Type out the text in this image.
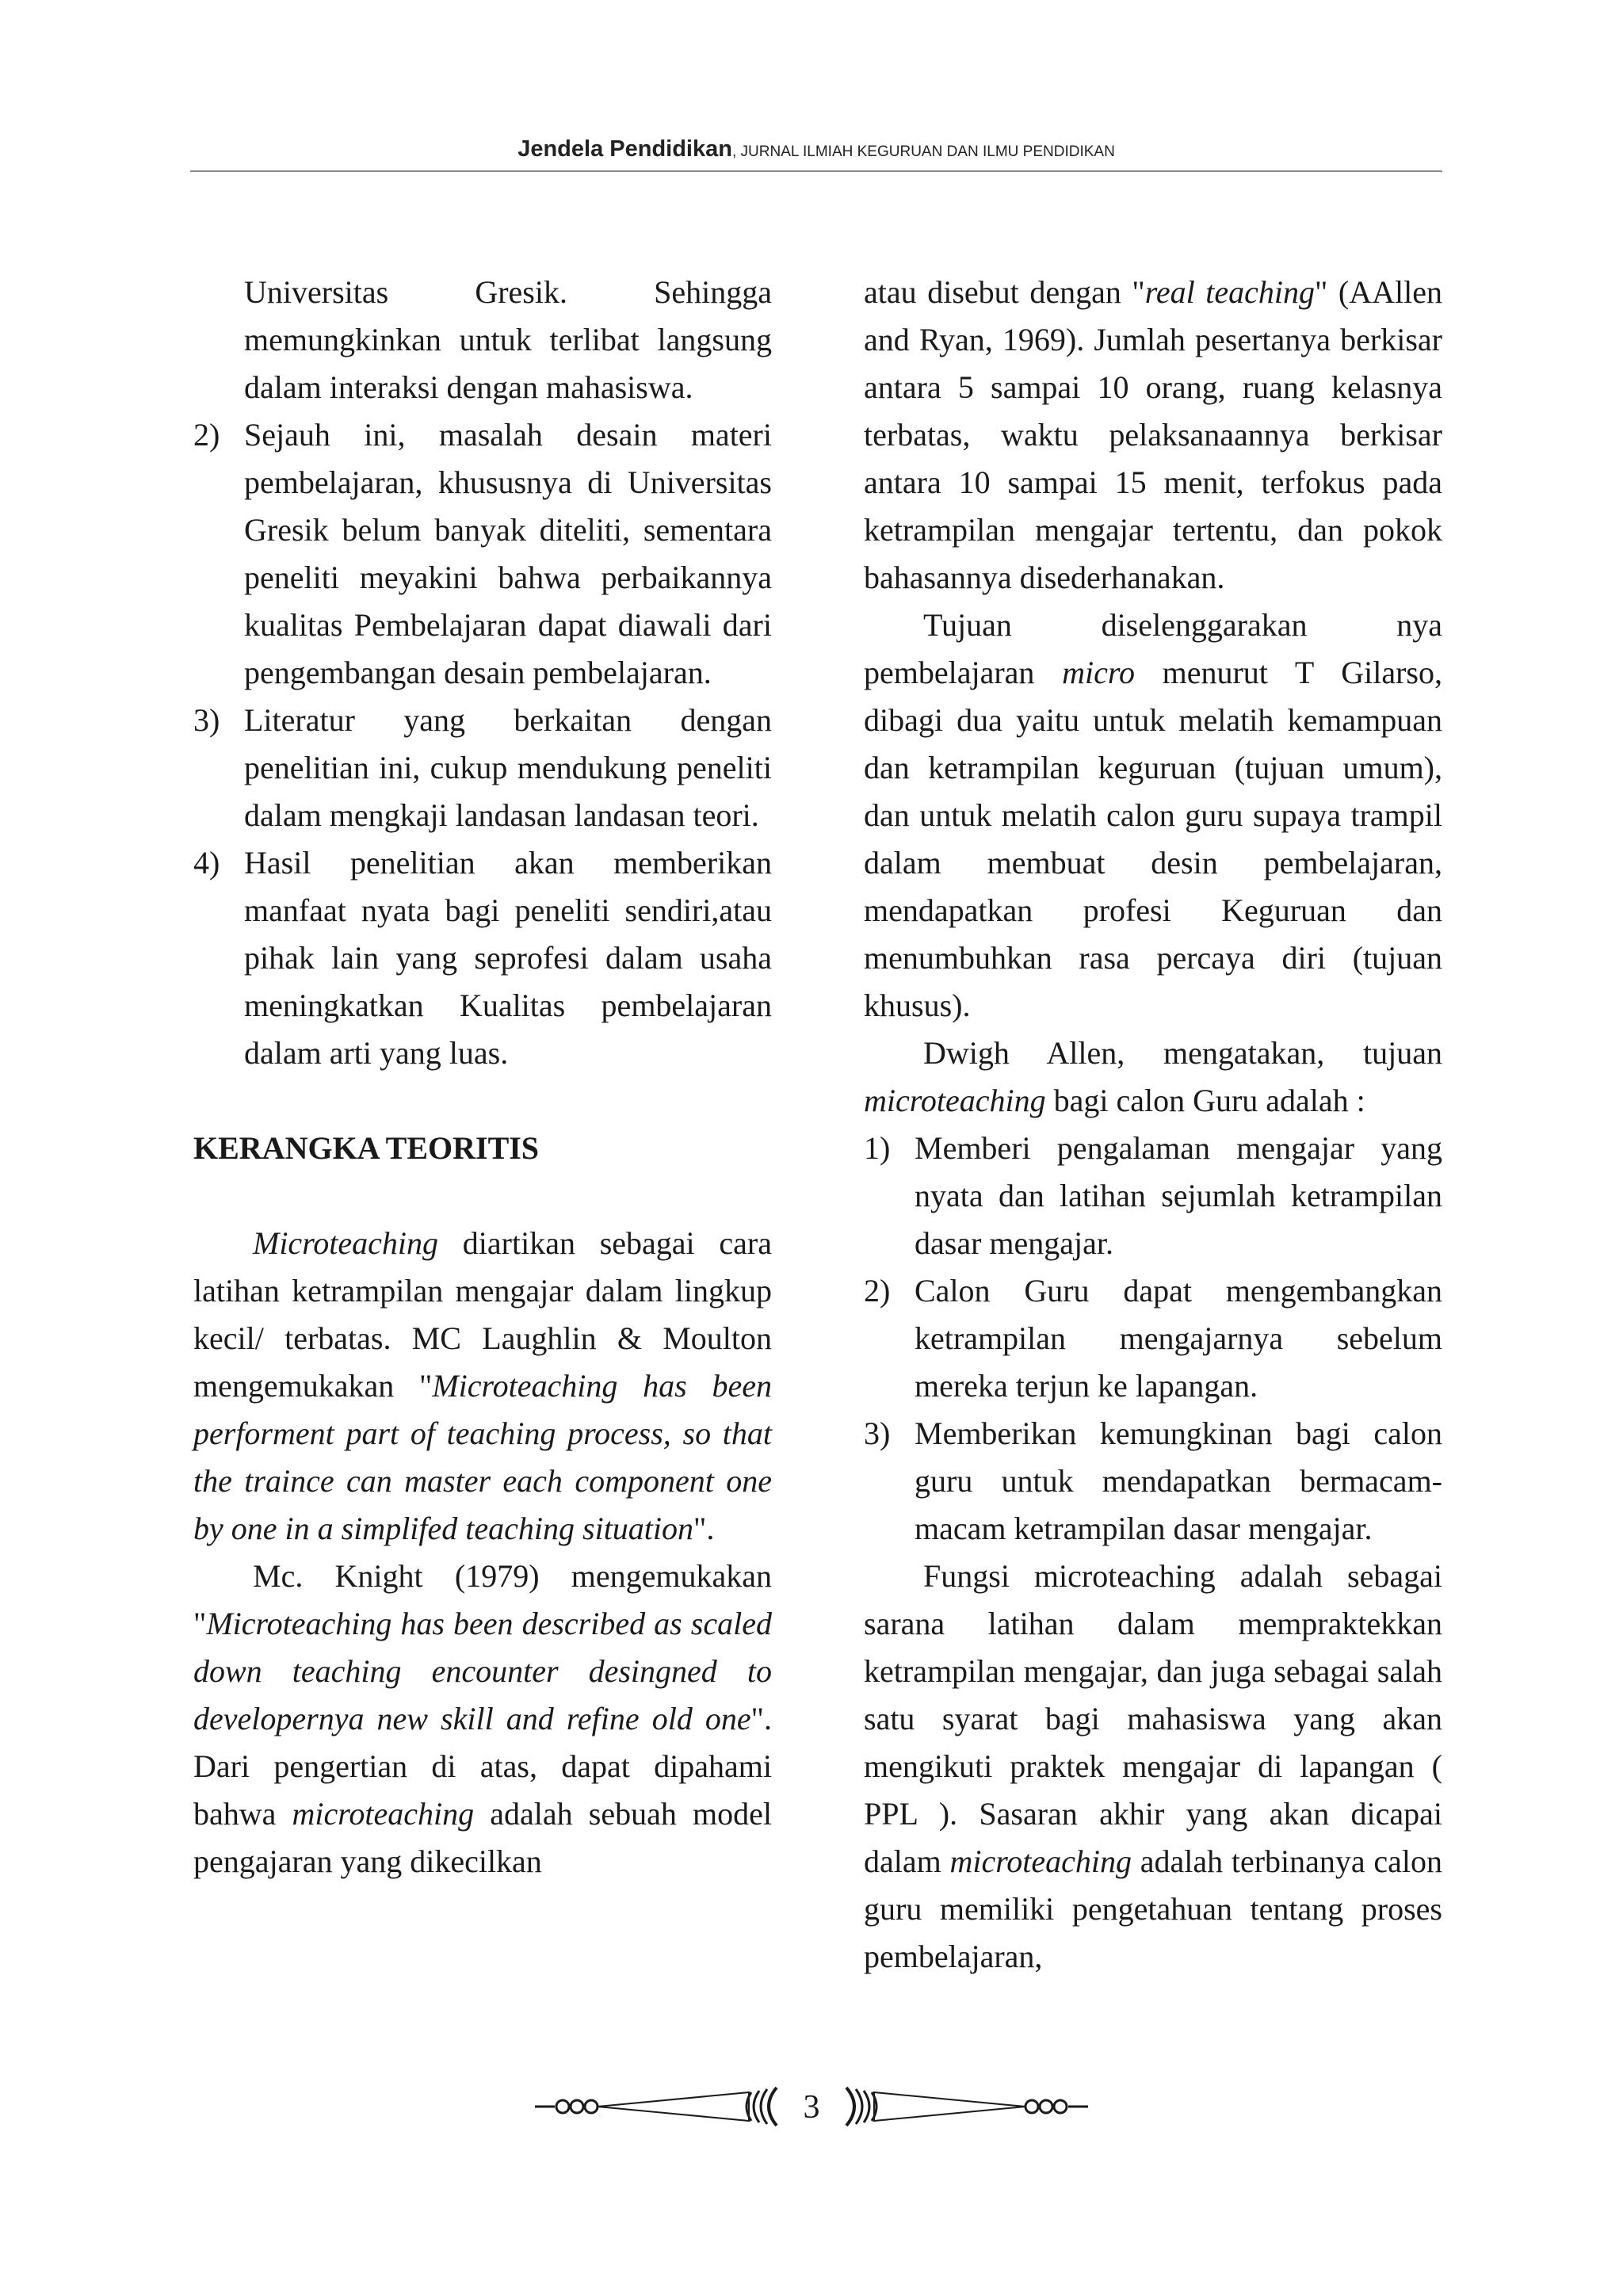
Jendela Pendidikan, JURNAL ILMIAH KEGURUAN DAN ILMU PENDIDIKAN

Universitas Gresik. Sehingga memungkinkan untuk terlibat langsung dalam interaksi dengan mahasiswa.

2) Sejauh ini, masalah desain materi pembelajaran, khususnya di Universitas Gresik belum banyak diteliti, sementara peneliti meyakini bahwa perbaikannya kualitas Pembelajaran dapat diawali dari pengembangan desain pembelajaran.
3) Literatur yang berkaitan dengan penelitian ini, cukup mendukung peneliti dalam mengkaji landasan landasan teori.
4) Hasil penelitian akan memberikan manfaat nyata bagi peneliti sendiri,atau pihak lain yang seprofesi dalam usaha meningkatkan Kualitas pembelajaran dalam arti yang luas.
KERANGKA TEORITIS

Microteaching diartikan sebagai cara latihan ketrampilan mengajar dalam lingkup kecil/ terbatas. MC Laughlin & Moulton mengemukakan "Microteaching has been performent part of teaching process, so that the traince can master each component one by one in a simplifed teaching situation".

Mc. Knight (1979) mengemukakan "Microteaching has been described as scaled down teaching encounter desingned to developernya new skill and refine old one". Dari pengertian di atas, dapat dipahami bahwa microteaching adalah sebuah model pengajaran yang dikecilkan

atau disebut dengan "real teaching" (AAllen and Ryan, 1969). Jumlah pesertanya berkisar antara 5 sampai 10 orang, ruang kelasnya terbatas, waktu pelaksanaannya berkisar antara 10 sampai 15 menit, terfokus pada ketrampilan mengajar tertentu, dan pokok bahasannya disederhanakan.

Tujuan diselenggarakan nya pembelajaran micro menurut T Gilarso, dibagi dua yaitu untuk melatih kemampuan dan ketrampilan keguruan (tujuan umum), dan untuk melatih calon guru supaya trampil dalam membuat desin pembelajaran, mendapatkan profesi Keguruan dan menumbuhkan rasa percaya diri (tujuan khusus).

Dwigh Allen, mengatakan, tujuan microteaching bagi calon Guru adalah :

1) Memberi pengalaman mengajar yang nyata dan latihan sejumlah ketrampilan dasar mengajar.
2) Calon Guru dapat mengembangkan ketrampilan mengajarnya sebelum mereka terjun ke lapangan.
3) Memberikan kemungkinan bagi calon guru untuk mendapatkan bermacam-macam ketrampilan dasar mengajar.

Fungsi microteaching adalah sebagai sarana latihan dalam mempraktekkan ketrampilan mengajar, dan juga sebagai salah satu syarat bagi mahasiswa yang akan mengikuti praktek mengajar di lapangan ( PPL ). Sasaran akhir yang akan dicapai dalam microteaching adalah terbinanya calon guru memiliki pengetahuan tentang proses pembelajaran,

3
